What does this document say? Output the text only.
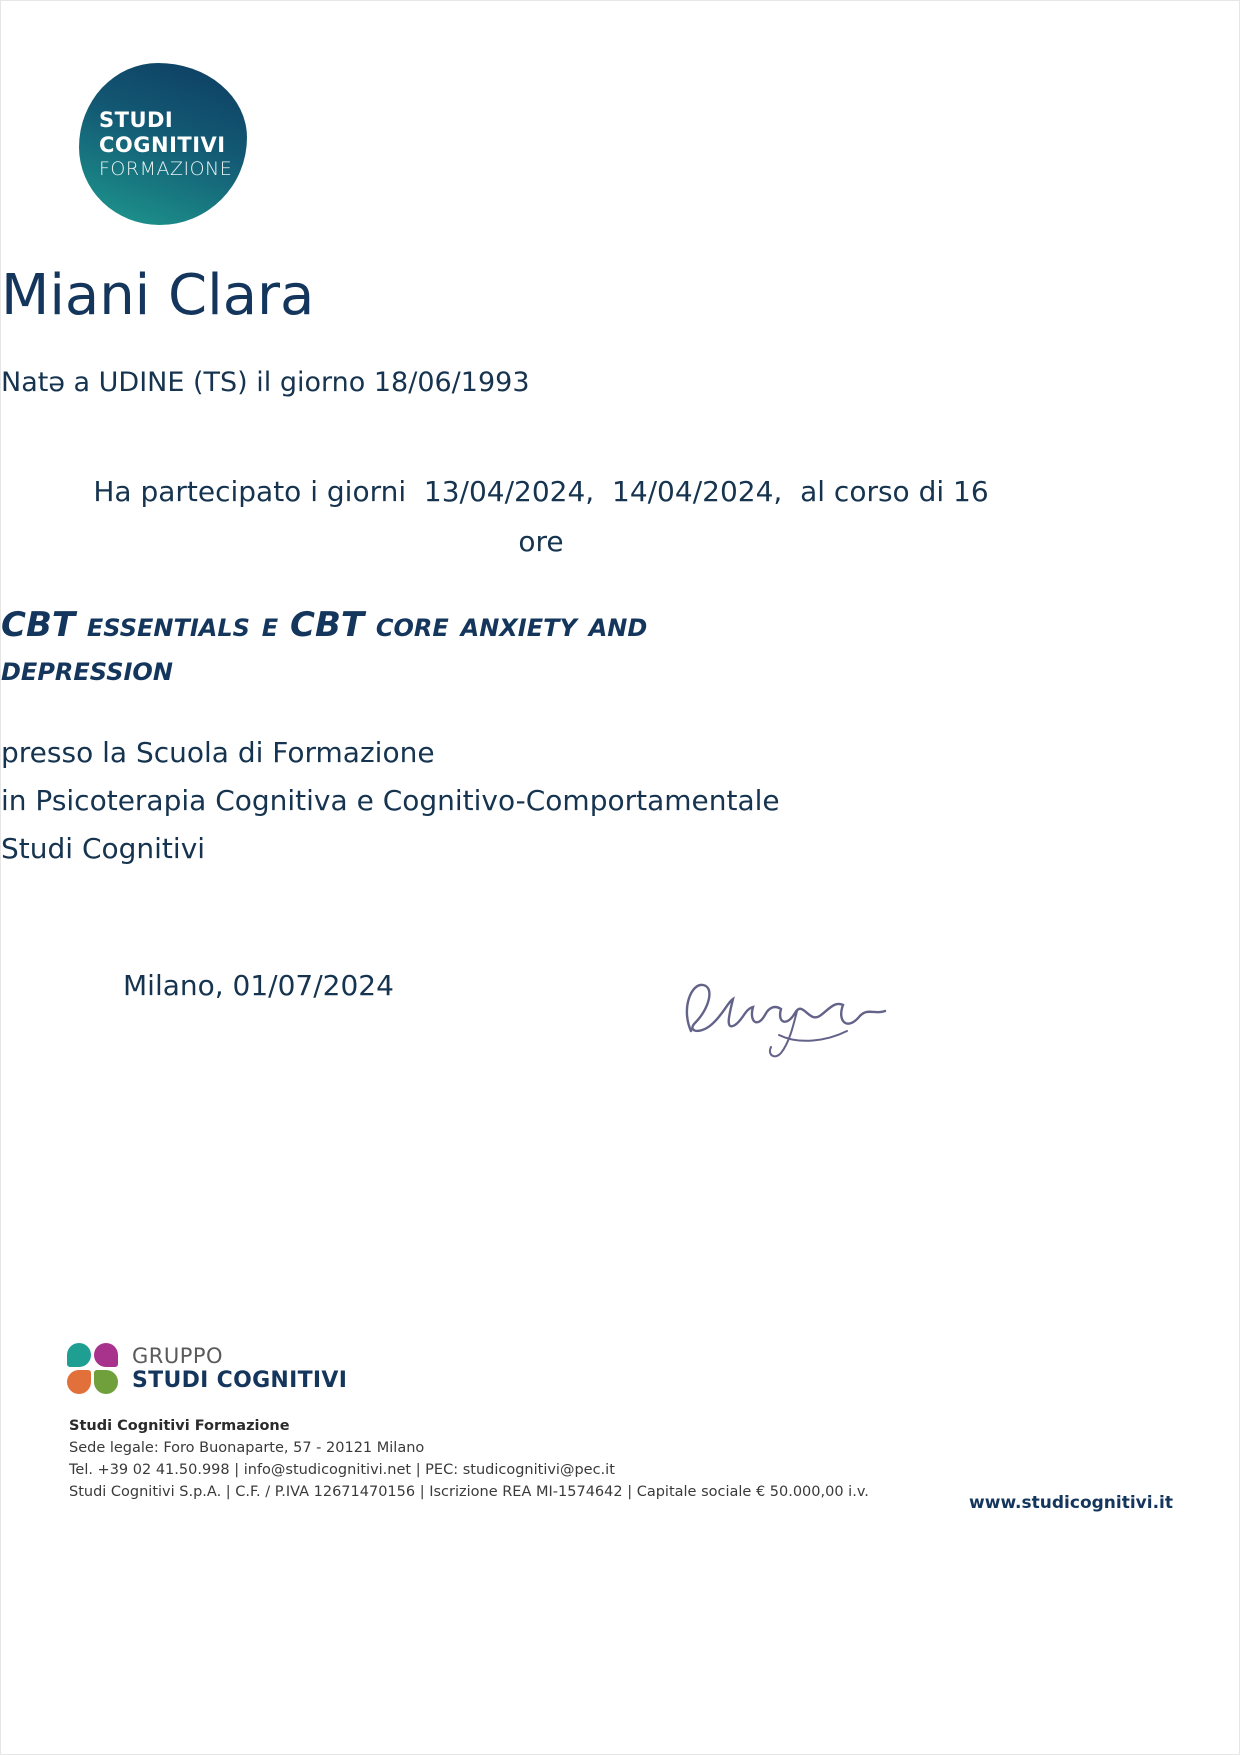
STUDI
COGNITIVI
FORMAZIONE
Miani Clara
Natə a UDINE (TS) il giorno 18/06/1993
Ha partecipato i giorni  13/04/2024,  14/04/2024,  al corso di 16
ore
CBT essentials e CBT core anxiety and
depression
presso la Scuola di Formazione
in Psicoterapia Cognitiva e Cognitivo-Comportamentale
Studi Cognitivi
Milano, 01/07/2024
GRUPPO
STUDI COGNITIVI
Studi Cognitivi Formazione
Sede legale: Foro Buonaparte, 57 - 20121 Milano
Tel. +39 02 41.50.998 | info@studicognitivi.net | PEC: studicognitivi@pec.it
Studi Cognitivi S.p.A. | C.F. / P.IVA 12671470156 | Iscrizione REA MI-1574642 | Capitale sociale € 50.000,00 i.v.
www.studicognitivi.it
